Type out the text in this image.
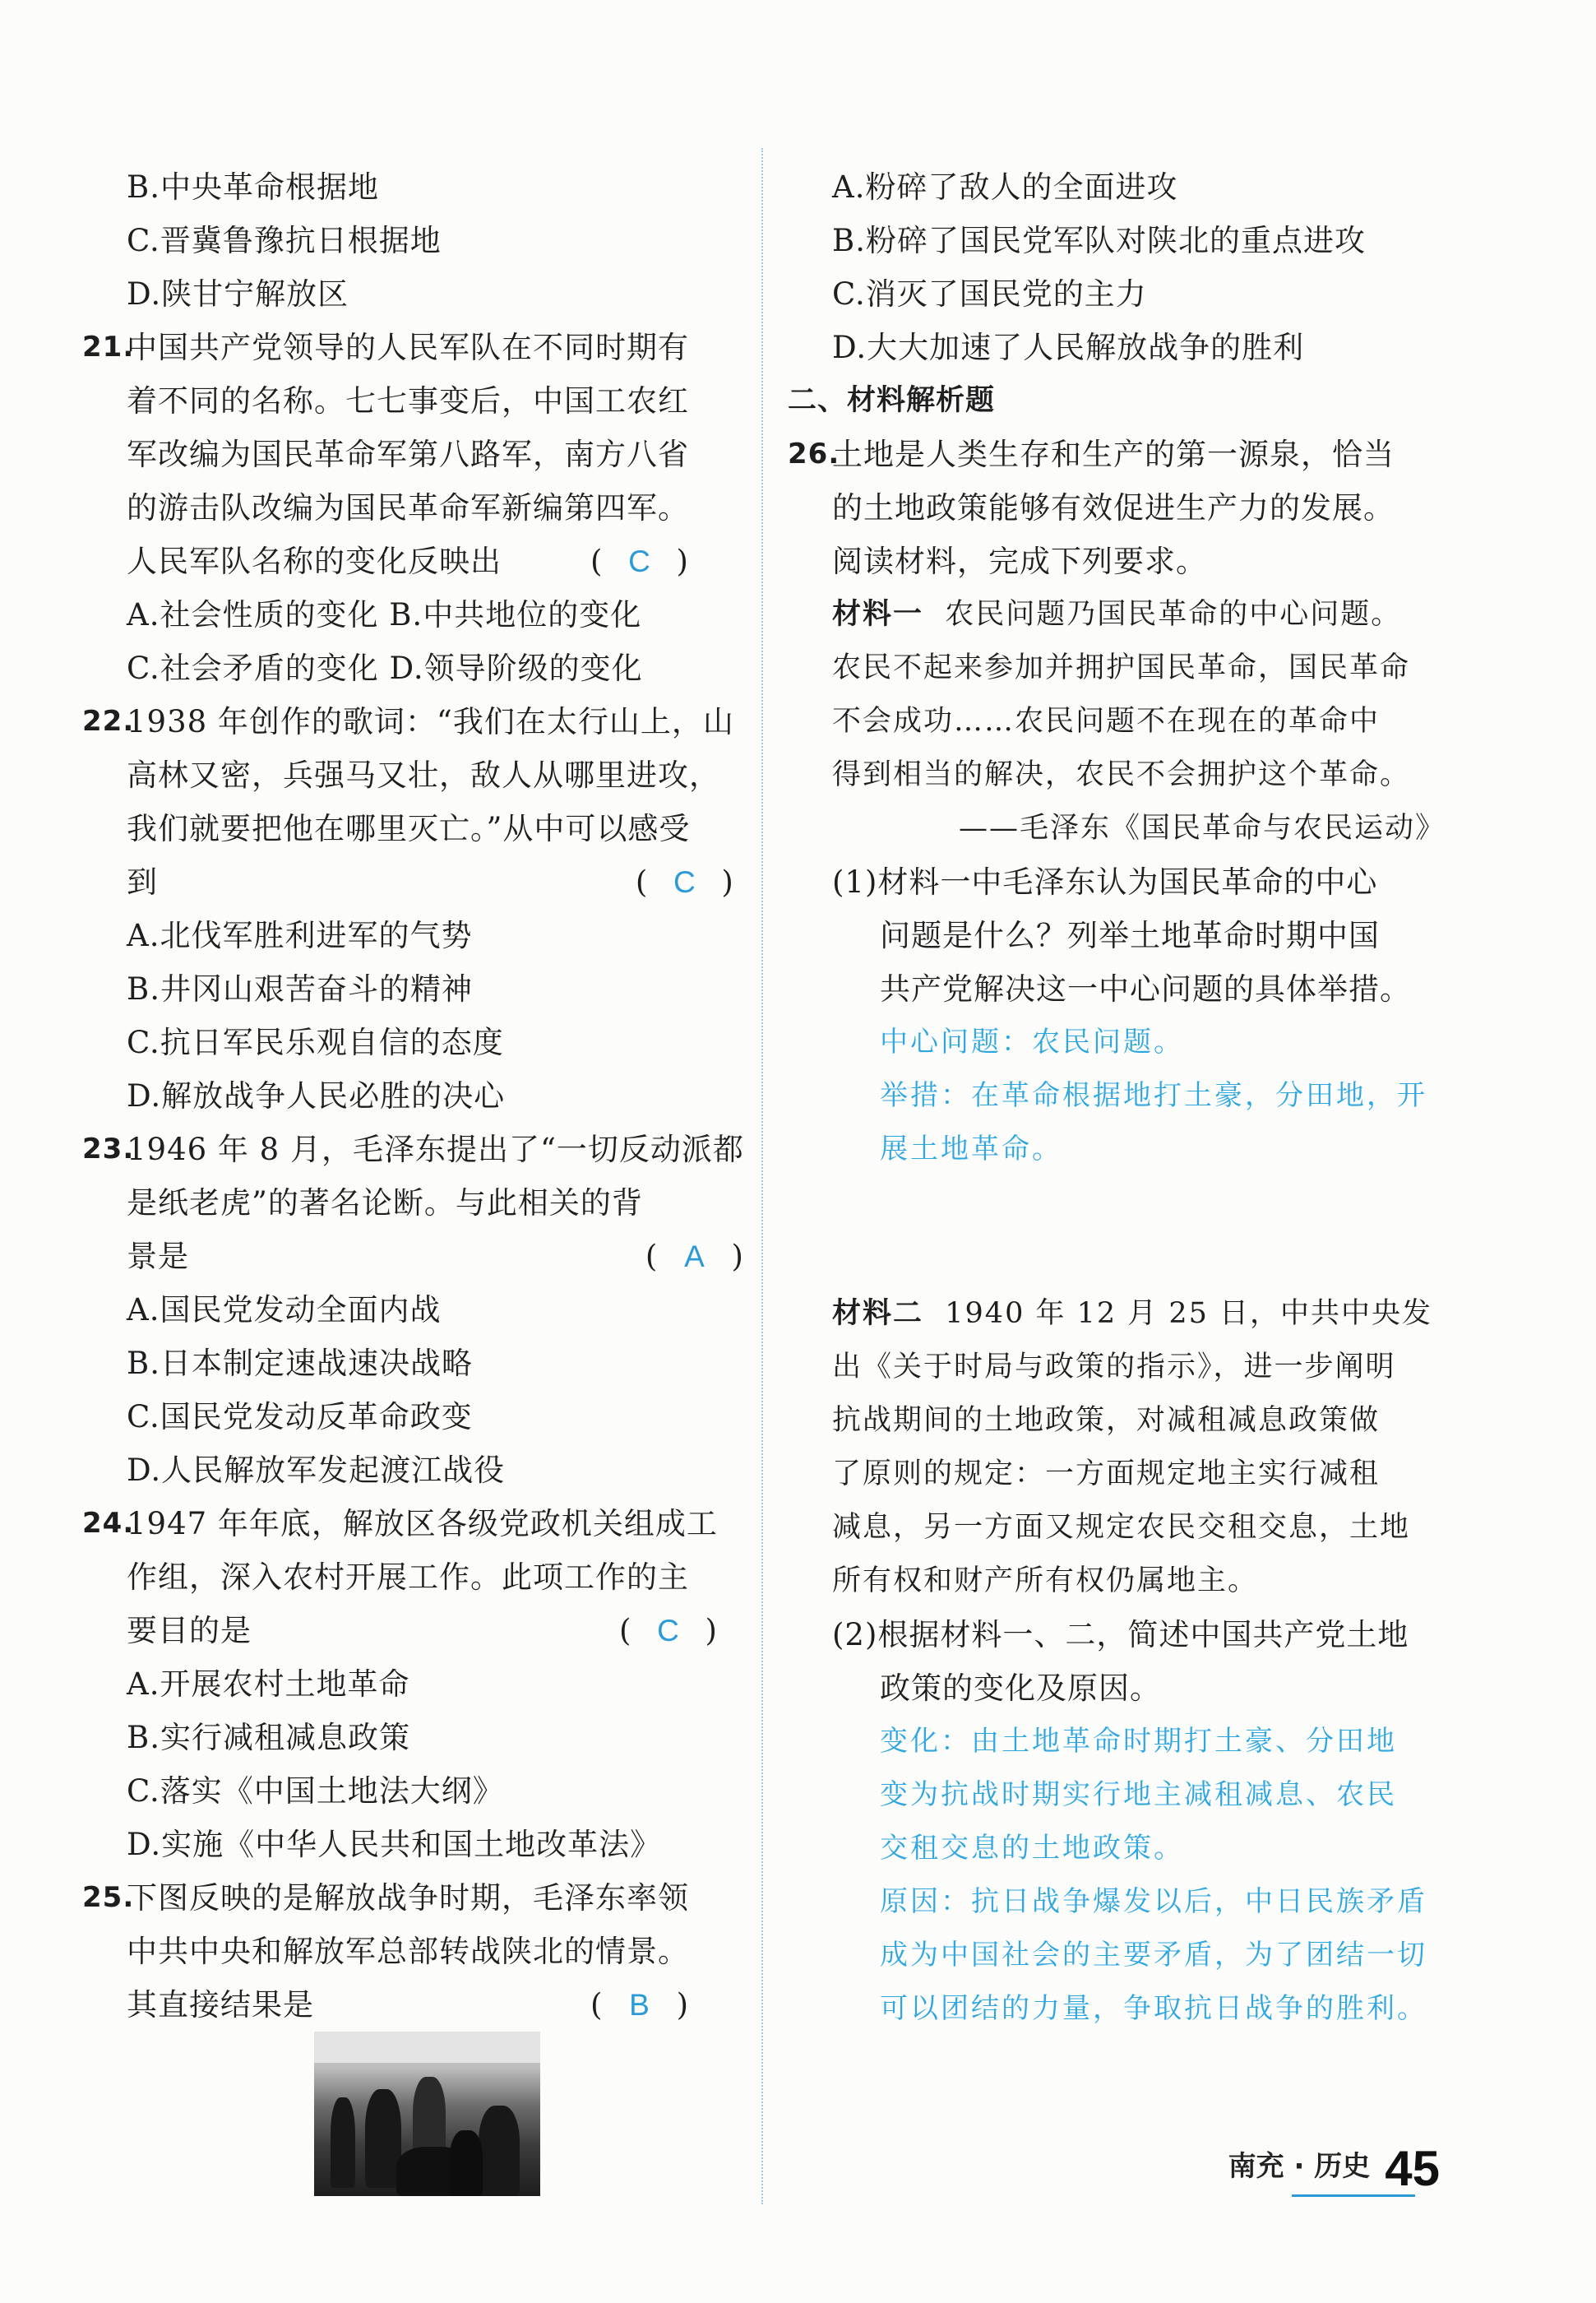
B.中央革命根据地
C.晋冀鲁豫抗日根据地
D.陕甘宁解放区
21.
中国共产党领导的人民军队在不同时期有
着不同的名称。七七事变后，中国工农红
军改编为国民革命军第八路军，南方八省
的游击队改编为国民革命军新编第四军。
人民军队名称的变化反映出	( C )
A.社会性质的变化 B.中共地位的变化
C.社会矛盾的变化 D.领导阶级的变化
22.
1938 年创作的歌词：“我们在太行山上，山
高林又密，兵强马又壮，敌人从哪里进攻，
我们就要把他在哪里灭亡。”从中可以感受
到	( C )
A.北伐军胜利进军的气势
B.井冈山艰苦奋斗的精神
C.抗日军民乐观自信的态度
D.解放战争人民必胜的决心
23.
1946 年 8 月，毛泽东提出了“一切反动派都
是纸老虎”的著名论断。与此相关的背
景是	( A )
A.国民党发动全面内战
B.日本制定速战速决战略
C.国民党发动反革命政变
D.人民解放军发起渡江战役
24.
1947 年年底，解放区各级党政机关组成工
作组，深入农村开展工作。此项工作的主
要目的是	( C )
A.开展农村土地革命
B.实行减租减息政策
C.落实《中国土地法大纲》
D.实施《中华人民共和国土地改革法》
25.
下图反映的是解放战争时期，毛泽东率领
中共中央和解放军总部转战陕北的情景。
其直接结果是	( B )
A.粉碎了敌人的全面进攻
B.粉碎了国民党军队对陕北的重点进攻
C.消灭了国民党的主力
D.大大加速了人民解放战争的胜利
二、材料解析题
26.
土地是人类生存和生产的第一源泉，恰当
的土地政策能够有效促进生产力的发展。
阅读材料，完成下列要求。
材料一  农民问题乃国民革命的中心问题。
农民不起来参加并拥护国民革命，国民革命
不会成功……农民问题不在现在的革命中
得到相当的解决，农民不会拥护这个革命。
——毛泽东《国民革命与农民运动》
(1)材料一中毛泽东认为国民革命的中心
问题是什么？列举土地革命时期中国
共产党解决这一中心问题的具体举措。
中心问题：农民问题。
举措：在革命根据地打土豪，分田地，开
展土地革命。
材料二  1940 年 12 月 25 日，中共中央发
出《关于时局与政策的指示》，进一步阐明
抗战期间的土地政策，对减租减息政策做
了原则的规定：一方面规定地主实行减租
减息，另一方面又规定农民交租交息，土地
所有权和财产所有权仍属地主。
(2)根据材料一、二，简述中国共产党土地
政策的变化及原因。
变化：由土地革命时期打土豪、分田地
变为抗战时期实行地主减租减息、农民
交租交息的土地政策。
原因：抗日战争爆发以后，中日民族矛盾
成为中国社会的主要矛盾，为了团结一切
可以团结的力量，争取抗日战争的胜利。
南充 · 历史 45
